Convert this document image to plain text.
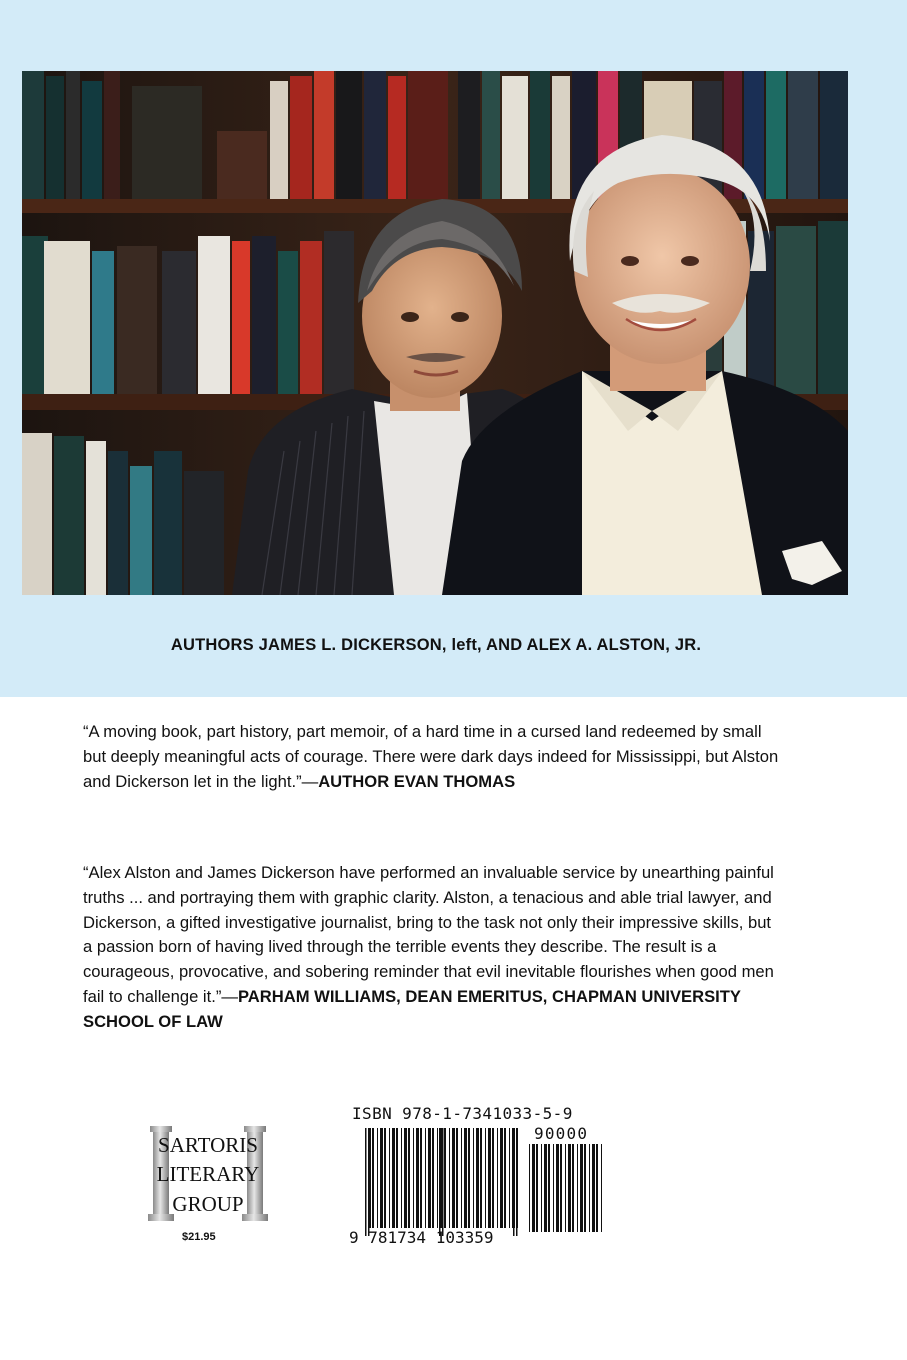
AUTHORS JAMES L. DICKERSON, left, AND ALEX A. ALSTON, JR.
“A moving book, part history, part memoir, of a hard time in a cursed land redeemed by small but deeply meaningful acts of courage. There were dark days indeed for Mississippi, but Alston and Dickerson let in the light.”—AUTHOR EVAN THOMAS
“Alex Alston and James Dickerson have performed an invaluable service by unearthing painful truths ... and portraying them with graphic clarity. Alston, a tenacious and able trial lawyer, and Dickerson, a gifted investigative journalist, bring to the task not only their impressive skills, but a passion born of having lived through the terrible events they describe. The result is a courageous, provocative, and sobering reminder that evil inevitable flourishes when good men fail to challenge it.”—PARHAM WILLIAMS, DEAN EMERITUS, CHAPMAN UNIVERSITY SCHOOL OF LAW
SARTORIS
LITERARY
GROUP
$21.95
ISBN 978-1-7341033-5-9
90000
9 781734 103359
